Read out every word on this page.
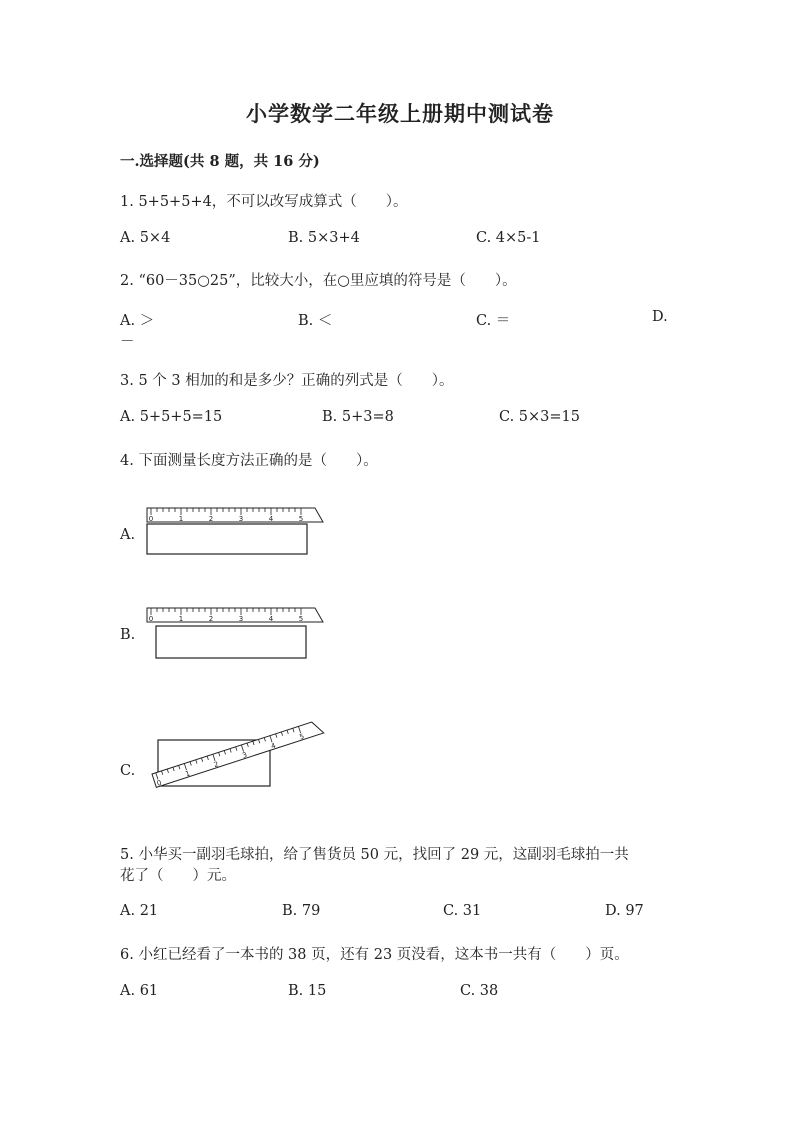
小学数学二年级上册期中测试卷
一.选择题(共 8 题，共 16 分)
1. 5+5+5+4，不可以改写成算式（　　）。
A. 5×4	B. 5×3+4	C. 4×5-1
2. “60－35○25”，比较大小，在○里应填的符号是（　　）。
A. ＞	B. ＜	C. ＝	D.
－
3. 5 个 3 相加的和是多少？正确的列式是（　　）。
A. 5+5+5=15	B. 5+3=8	C. 5×3=15
4. 下面测量长度方法正确的是（　　）。
A.
B.
C.
0	1	2	3	4	5
0	1	2	3	4	5
0
1
2
3
4
5
5. 小华买一副羽毛球拍，给了售货员 50 元，找回了 29 元，这副羽毛球拍一共
花了（　　）元。
A. 21	B. 79	C. 31	D. 97
6. 小红已经看了一本书的 38 页，还有 23 页没看，这本书一共有（　　）页。
A. 61	B. 15	C. 38
